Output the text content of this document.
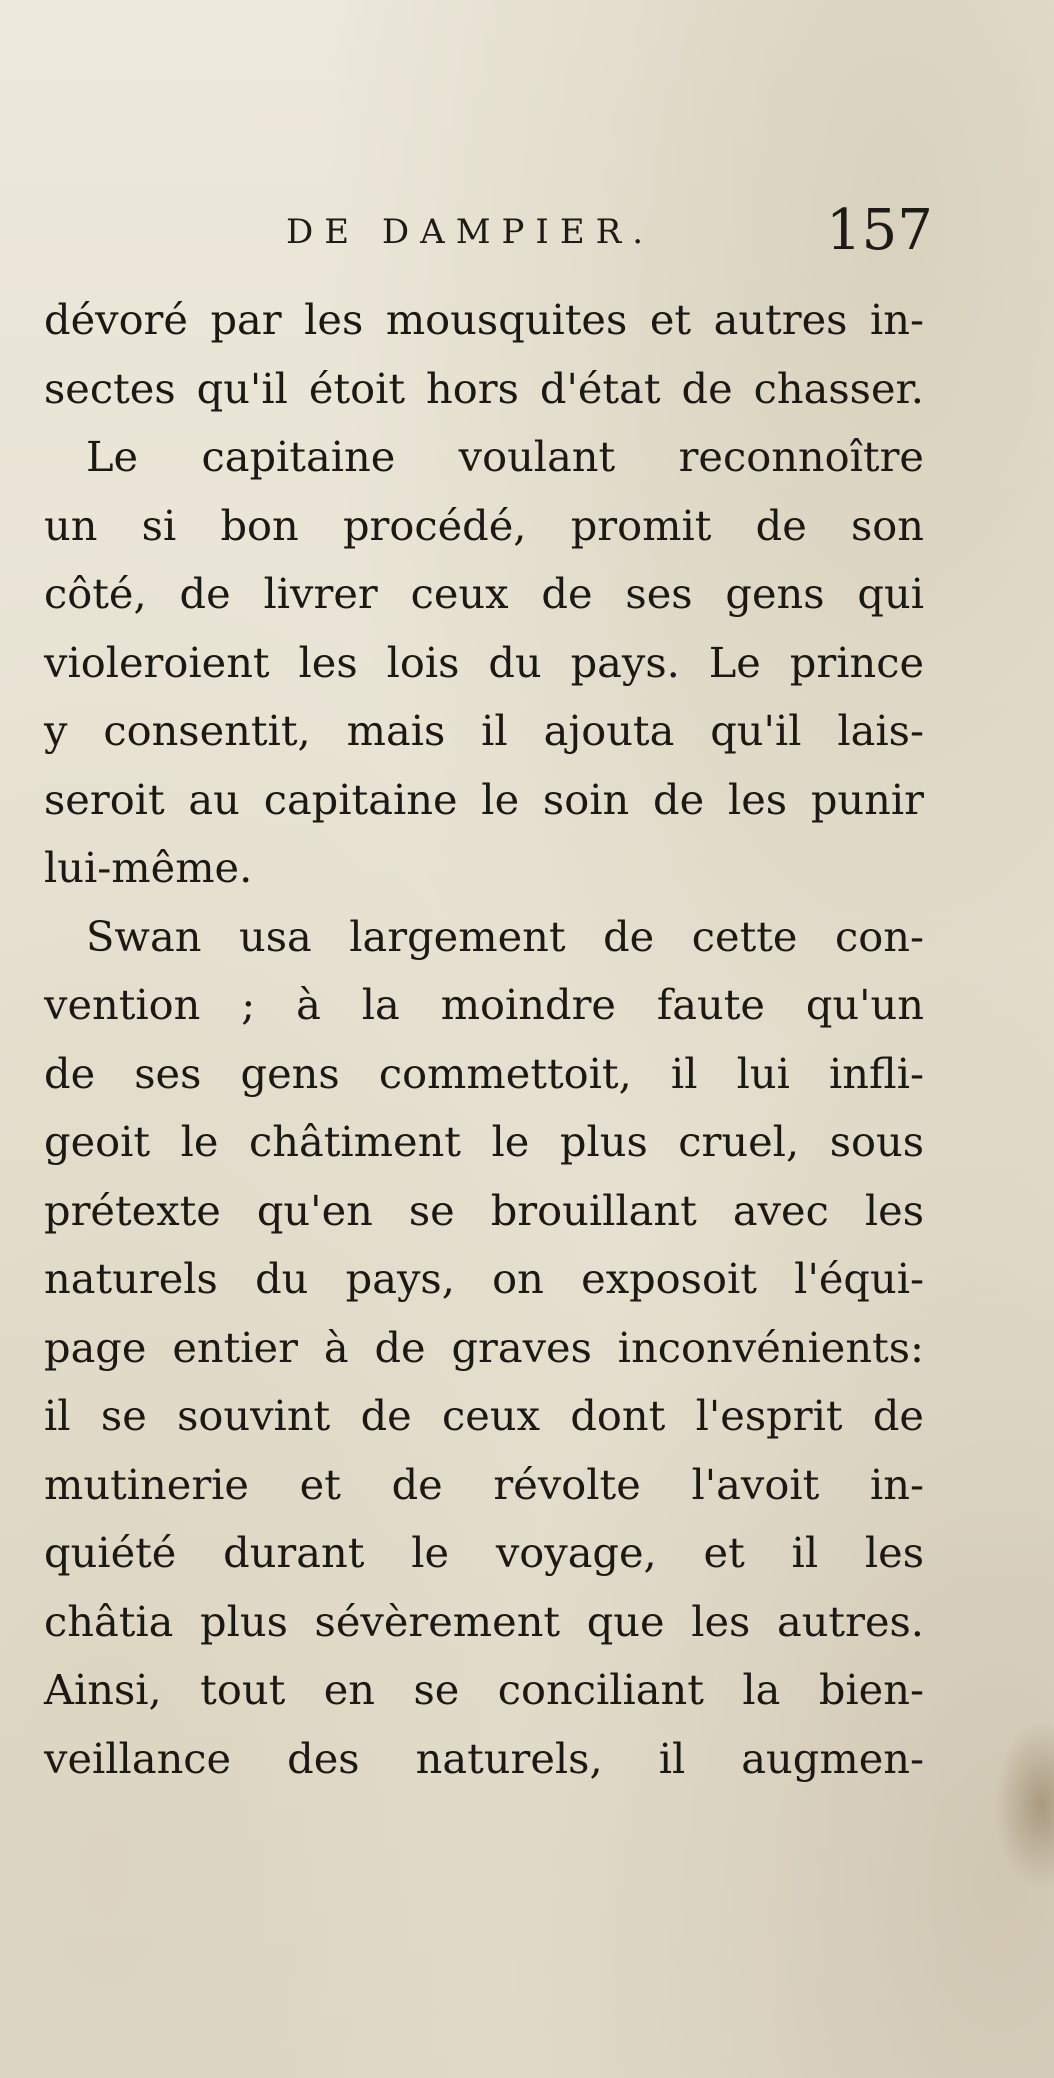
DE DAMPIER.	157
dévoré par les mousquites et autres in-
sectes qu'il étoit hors d'état de chasser.
Le capitaine voulant reconnoître
un si bon procédé, promit de son
côté, de livrer ceux de ses gens qui
violeroient les lois du pays. Le prince
y consentit, mais il ajouta qu'il lais-
seroit au capitaine le soin de les punir
lui-même.
Swan usa largement de cette con-
vention ; à la moindre faute qu'un
de ses gens commettoit, il lui infli-
geoit le châtiment le plus cruel, sous
prétexte qu'en se brouillant avec les
naturels du pays, on exposoit l'équi-
page entier à de graves inconvénients:
il se souvint de ceux dont l'esprit de
mutinerie et de révolte l'avoit in-
quiété durant le voyage, et il les
châtia plus sévèrement que les autres.
Ainsi, tout en se conciliant la bien-
veillance des naturels, il augmen-
